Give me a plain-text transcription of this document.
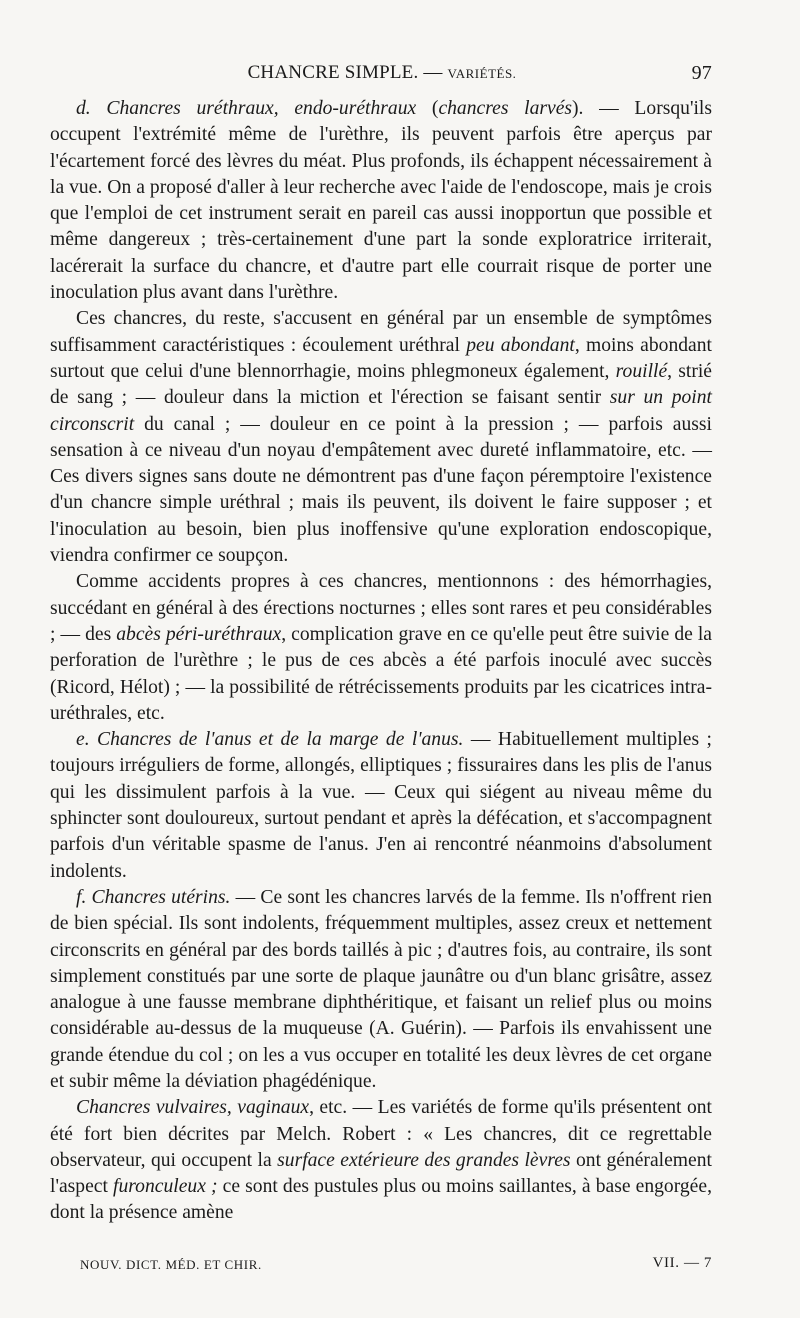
CHANCRE SIMPLE. — VARIÉTÉS.	97

d. Chancres uréthraux, endo-uréthraux (chancres larvés). — Lorsqu'ils occupent l'extrémité même de l'urèthre, ils peuvent parfois être aperçus par l'écartement forcé des lèvres du méat. Plus profonds, ils échappent nécessairement à la vue. On a proposé d'aller à leur recherche avec l'aide de l'endoscope, mais je crois que l'emploi de cet instrument serait en pareil cas aussi inopportun que possible et même dangereux ; très-certainement d'une part la sonde exploratrice irriterait, lacérerait la surface du chancre, et d'autre part elle courrait risque de porter une inoculation plus avant dans l'urèthre.

Ces chancres, du reste, s'accusent en général par un ensemble de symptômes suffisamment caractéristiques : écoulement uréthral peu abondant, moins abondant surtout que celui d'une blennorrhagie, moins phlegmoneux également, rouillé, strié de sang ; — douleur dans la miction et l'érection se faisant sentir sur un point circonscrit du canal ; — douleur en ce point à la pression ; — parfois aussi sensation à ce niveau d'un noyau d'empâtement avec dureté inflammatoire, etc. — Ces divers signes sans doute ne démontrent pas d'une façon péremptoire l'existence d'un chancre simple uréthral ; mais ils peuvent, ils doivent le faire supposer ; et l'inoculation au besoin, bien plus inoffensive qu'une exploration endoscopique, viendra confirmer ce soupçon.

Comme accidents propres à ces chancres, mentionnons : des hémorrhagies, succédant en général à des érections nocturnes ; elles sont rares et peu considérables ; — des abcès péri-uréthraux, complication grave en ce qu'elle peut être suivie de la perforation de l'urèthre ; le pus de ces abcès a été parfois inoculé avec succès (Ricord, Hélot) ; — la possibilité de rétrécissements produits par les cicatrices intra-uréthrales, etc.

e. Chancres de l'anus et de la marge de l'anus. — Habituellement multiples ; toujours irréguliers de forme, allongés, elliptiques ; fissuraires dans les plis de l'anus qui les dissimulent parfois à la vue. — Ceux qui siégent au niveau même du sphincter sont douloureux, surtout pendant et après la défécation, et s'accompagnent parfois d'un véritable spasme de l'anus. J'en ai rencontré néanmoins d'absolument indolents.

f. Chancres utérins. — Ce sont les chancres larvés de la femme. Ils n'offrent rien de bien spécial. Ils sont indolents, fréquemment multiples, assez creux et nettement circonscrits en général par des bords taillés à pic ; d'autres fois, au contraire, ils sont simplement constitués par une sorte de plaque jaunâtre ou d'un blanc grisâtre, assez analogue à une fausse membrane diphthéritique, et faisant un relief plus ou moins considérable au-dessus de la muqueuse (A. Guérin). — Parfois ils envahissent une grande étendue du col ; on les a vus occuper en totalité les deux lèvres de cet organe et subir même la déviation phagédénique.

Chancres vulvaires, vaginaux, etc. — Les variétés de forme qu'ils présentent ont été fort bien décrites par Melch. Robert : « Les chancres, dit ce regrettable observateur, qui occupent la surface extérieure des grandes lèvres ont généralement l'aspect furonculeux ; ce sont des pustules plus ou moins saillantes, à base engorgée, dont la présence amène

NOUV. DICT. MÉD. ET CHIR.	VII. — 7
